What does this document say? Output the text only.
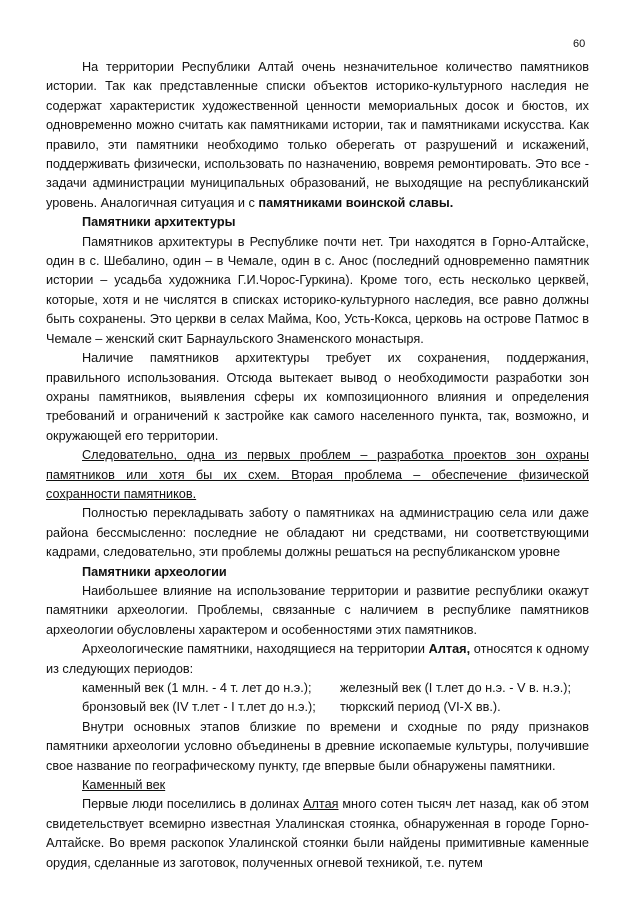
60

На территории Республики Алтай очень незначительное количество памятников истории. Так как представленные списки объектов историко-культурного наследия не содержат характеристик художественной ценности мемориальных досок и бюстов, их одновременно можно считать как памятниками истории, так и памятниками искусства. Как правило, эти памятники необходимо только оберегать от разрушений и искажений, поддерживать физически, использовать по назначению, вовремя ремонтировать. Это все - задачи администрации муниципальных образований, не выходящие на республиканский уровень. Аналогичная ситуация и с памятниками воинской славы.

Памятники архитектуры

Памятников архитектуры в Республике почти нет. Три находятся в Горно-Алтайске, один в с. Шебалино, один – в Чемале, один в с. Анос (последний одновременно памятник истории – усадьба художника Г.И.Чорос-Гуркина). Кроме того, есть несколько церквей, которые, хотя и не числятся в списках историко-культурного наследия, все равно должны быть сохранены. Это церкви в селах Майма, Коо, Усть-Кокса, церковь на острове Патмос в Чемале – женский скит Барнаульского Знаменского монастыря.

Наличие памятников архитектуры требует их сохранения, поддержания, правильного использования. Отсюда вытекает вывод о необходимости разработки зон охраны памятников, выявления сферы их композиционного влияния и определения требований и ограничений к застройке как самого населенного пункта, так, возможно, и окружающей его территории.

Следовательно, одна из первых проблем – разработка проектов зон охраны памятников или хотя бы их схем. Вторая проблема – обеспечение физической сохранности памятников.

Полностью перекладывать заботу о памятниках на администрацию села или даже района бессмысленно: последние не обладают ни средствами, ни соответствующими кадрами, следовательно, эти проблемы должны решаться на республиканском уровне

Памятники археологии

Наибольшее влияние на использование территории и развитие республики окажут памятники археологии. Проблемы, связанные с наличием в республике памятников археологии обусловлены характером и особенностями этих памятников.

Археологические памятники, находящиеся на территории Алтая, относятся к одному из следующих периодов:

каменный век (1 млн. - 4 т. лет до н.э.);	железный век (I т.лет до н.э. - V в. н.э.);
бронзовый век (IV т.лет - I т.лет до н.э.);	тюркский период (VI-X вв.).

Внутри основных этапов близкие по времени и сходные по ряду признаков памятники археологии условно объединены в древние ископаемые культуры, получившие свое название по географическому пункту, где впервые были обнаружены памятники.

Каменный век

Первые люди поселились в долинах Алтая много сотен тысяч лет назад, как об этом свидетельствует всемирно известная Улалинская стоянка, обнаруженная в городе Горно-Алтайске. Во время раскопок Улалинской стоянки были найдены примитивные каменные орудия, сделанные из заготовок, полученных огневой техникой, т.е. путем
